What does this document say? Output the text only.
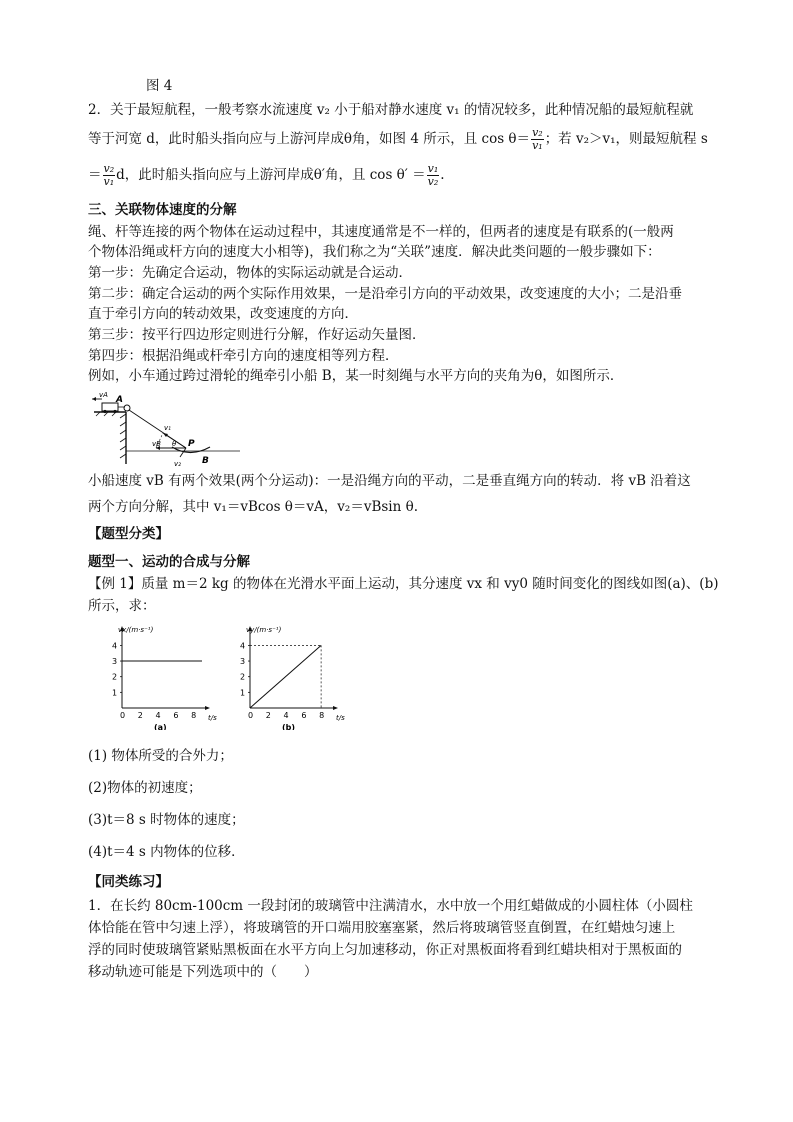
图 4
2．关于最短航程，一般考察水流速度 v₂ 小于船对静水速度 v₁ 的情况较多，此种情况船的最短航程就
等于河宽 d，此时船头指向应与上游河岸成θ角，如图 4 所示，且 $\cos \theta= \frac{\text{v₂}}{\text{v₁}}$ ；若 v₂＞v₁，则最短航程 s
＝ $\frac{\text{v₂}}{\text{v₁}}$ d，此时船头指向应与上游河岸成θ′角，且 $\cos \theta' = \frac{\text{v₁}}{\text{v₂}}$ .
三、关联物体速度的分解
绳、杆等连接的两个物体在运动过程中，其速度通常是不一样的，但两者的速度是有联系的(一般两
个物体沿绳或杆方向的速度大小相等)，我们称之为“关联”速度．解决此类问题的一般步骤如下：
第一步：先确定合运动，物体的实际运动就是合运动．
第二步：确定合运动的两个实际作用效果，一是沿牵引方向的平动效果，改变速度的大小；二是沿垂
直于牵引方向的转动效果，改变速度的方向．
第三步：按平行四边形定则进行分解，作好运动矢量图．
第四步：根据沿绳或杆牵引方向的速度相等列方程．
例如，小车通过跨过滑轮的绳牵引小船 B，某一时刻绳与水平方向的夹角为θ，如图所示．
vA A
v₁
θ
vB	P
v₂ B
小船速度 vB 有两个效果(两个分运动)：一是沿绳方向的平动，二是垂直绳方向的转动．将 vB 沿着这
两个方向分解，其中 v₁＝vBcos θ＝vA，v₂＝vBsin θ.
【题型分类】
题型一、运动的合成与分解
【例 1】质量 m＝2 kg 的物体在光滑水平面上运动，其分速度 vx 和 vy0 随时间变化的图线如图(a)、(b)
所示，求：
vx/(m·s⁻¹)
t/s
0 2 4 6 8
1
2
3
4
(a)
vy/(m·s⁻¹)
t/s
0 2 4 6 8
1
2
3
4
(b)
(1) 物体所受的合外力；
(2)物体的初速度；
(3)t＝8 s 时物体的速度；
(4)t＝4 s 内物体的位移．
【同类练习】
1．在长约 80cm-100cm 一段封闭的玻璃管中注满清水，水中放一个用红蜡做成的小圆柱体（小圆柱
体恰能在管中匀速上浮），将玻璃管的开口端用胶塞塞紧，然后将玻璃管竖直倒置，在红蜡烛匀速上
浮的同时使玻璃管紧贴黑板面在水平方向上匀加速移动，你正对黑板面将看到红蜡块相对于黑板面的
移动轨迹可能是下列选项中的（　　）
